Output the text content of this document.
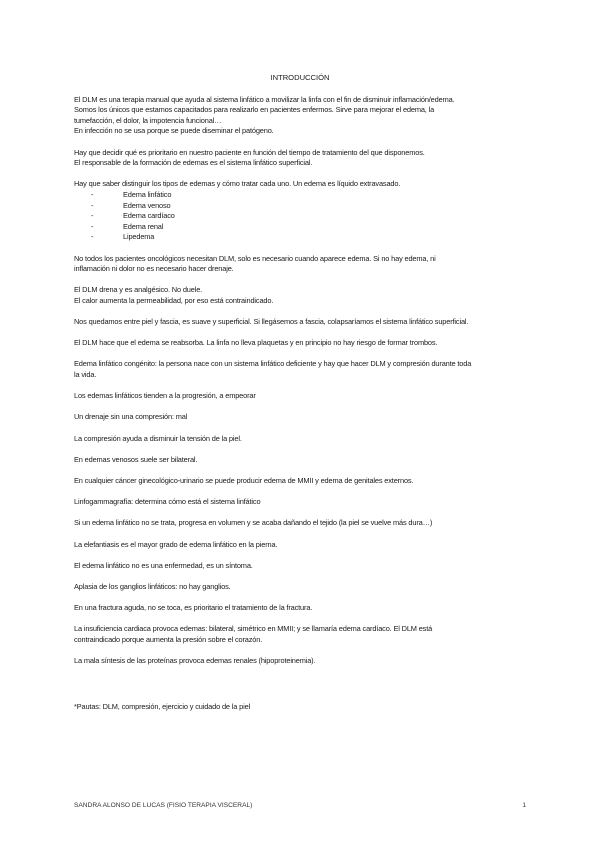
INTRODUCCIÓN
El DLM es una terapia manual que ayuda al sistema linfático a movilizar la linfa con el fin de disminuir inflamación/edema.
Somos los únicos que estamos capacitados para realizarlo en pacientes enfermos. Sirve para mejorar el edema, la
tumefacción, el dolor, la impotencia funcional…
En infección no se usa porque se puede diseminar el patógeno.
Hay que decidir qué es prioritario en nuestro paciente en función del tiempo de tratamiento del que disponemos.
El responsable de la formación de edemas es el sistema linfático superficial.
Hay que saber distinguir los tipos de edemas y cómo tratar cada uno. Un edema es líquido extravasado.
-	Edema linfático
-	Edema venoso
-	Edema cardíaco
-	Edema renal
-	Lipedema
No todos los pacientes oncológicos necesitan DLM, solo es necesario cuando aparece edema. Si no hay edema, ni
inflamación ni dolor no es necesario hacer drenaje.
El DLM drena y es analgésico. No duele.
El calor aumenta la permeabilidad, por eso está contraindicado.
Nos quedamos entre piel y fascia, es suave y superficial. Si llegásemos a fascia, colapsaríamos el sistema linfático superficial.
El DLM hace que el edema se reabsorba. La linfa no lleva plaquetas y en principio no hay riesgo de formar trombos.
Edema linfático congénito: la persona nace con un sistema linfático deficiente y hay que hacer DLM y compresión durante toda
la vida.
Los edemas linfáticos tienden a la progresión, a empeorar
Un drenaje sin una compresión: mal
La compresión ayuda a disminuir la tensión de la piel.
En edemas venosos suele ser bilateral.
En cualquier cáncer ginecológico-urinario se puede producir edema de MMII y edema de genitales externos.
Linfogammagrafía: determina cómo está el sistema linfático
Si un edema linfático no se trata, progresa en volumen y se acaba dañando el tejido (la piel se vuelve más dura…)
La elefantiasis es el mayor grado de edema linfático en la pierna.
El edema linfático no es una enfermedad, es un síntoma.
Aplasia de los ganglios linfáticos: no hay ganglios.
En una fractura aguda, no se toca, es prioritario el tratamiento de la fractura.
La insuficiencia cardiaca provoca edemas: bilateral, simétrico en MMII; y se llamaría edema cardíaco. El DLM está
contraindicado porque aumenta la presión sobre el corazón.
La mala síntesis de las proteínas provoca edemas renales (hipoproteinemia).
*Pautas: DLM, compresión, ejercicio y cuidado de la piel
SANDRA ALONSO DE LUCAS (FISIO TERAPIA VISCERAL)	1
